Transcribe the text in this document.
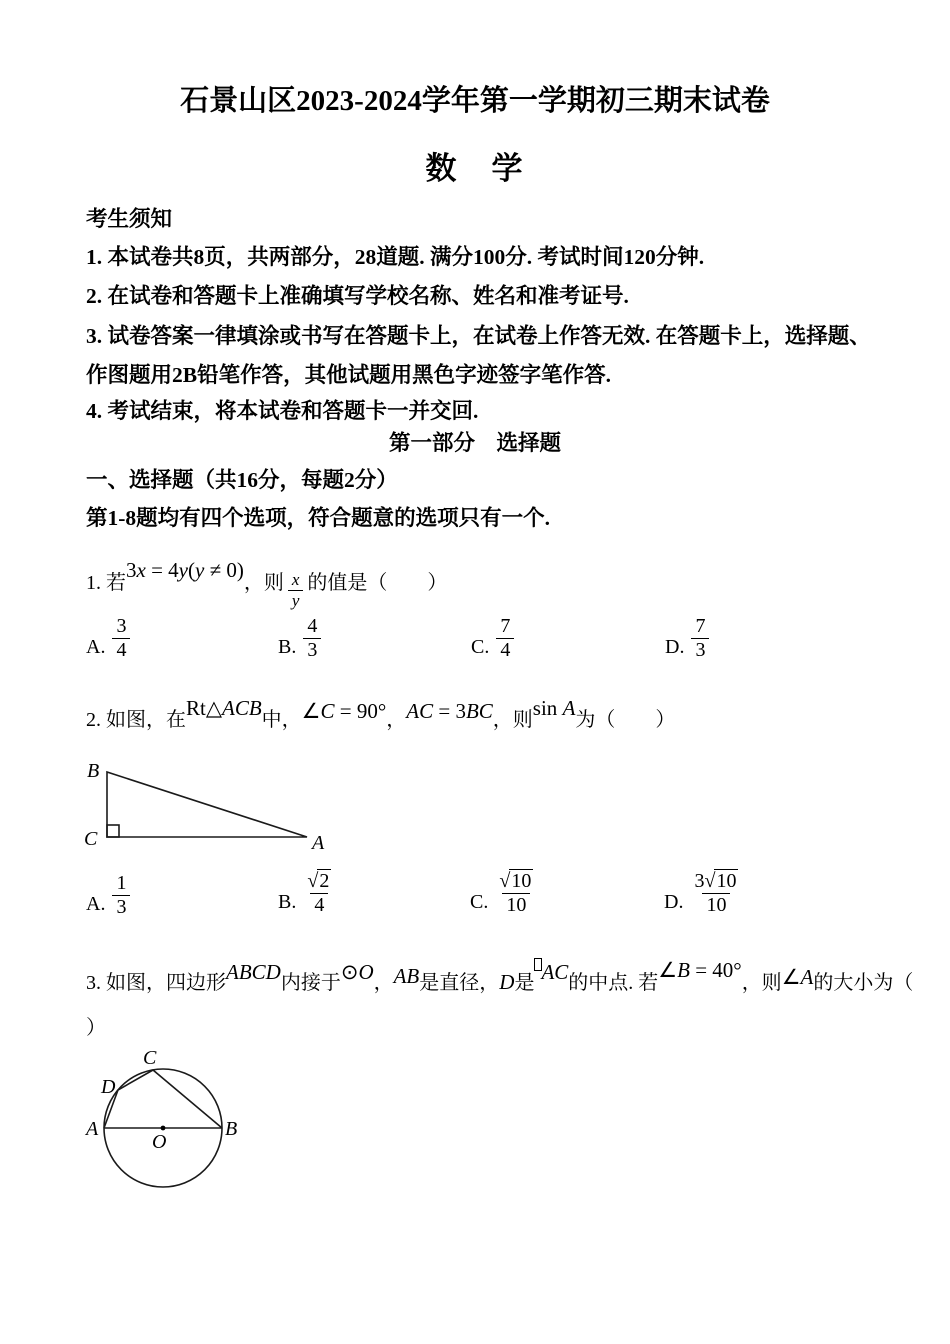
石景山区2023-2024学年第一学期初三期末试卷
数　学
考生须知
1. 本试卷共8页，共两部分，28道题. 满分100分. 考试时间120分钟.
2. 在试卷和答题卡上准确填写学校名称、姓名和准考证号.
3. 试卷答案一律填涂或书写在答题卡上，在试卷上作答无效. 在答题卡上，选择题、作图题用2B铅笔作答，其他试题用黑色字迹签字笔作答.
4. 考试结束，将本试卷和答题卡一并交回.
第一部分　选择题
一、选择题（共16分，每题2分）
第1-8题均有四个选项，符合题意的选项只有一个.
1. 若3x = 4y(y ≠ 0)，则 $\frac{x}{y}$ 的值是（　　）
A. $\frac{3}{4}$	B. $\frac{4}{3}$	C. $\frac{7}{4}$	D. $\frac{7}{3}$
2. 如图，在Rt△ACB中，∠C = 90°，AC = 3BC，则sin A为（　　）
B
C	A
A. $\frac{1}{3}$	B. $\frac{√2}{4}$	C. $\frac{√10}{10}$	D. $\frac{3√10}{10}$
3. 如图，四边形ABCD内接于⊙O，AB是直径，D是 AC的中点. 若∠B = 40°，则∠A的大小为（
）
A	B
C
D
O
